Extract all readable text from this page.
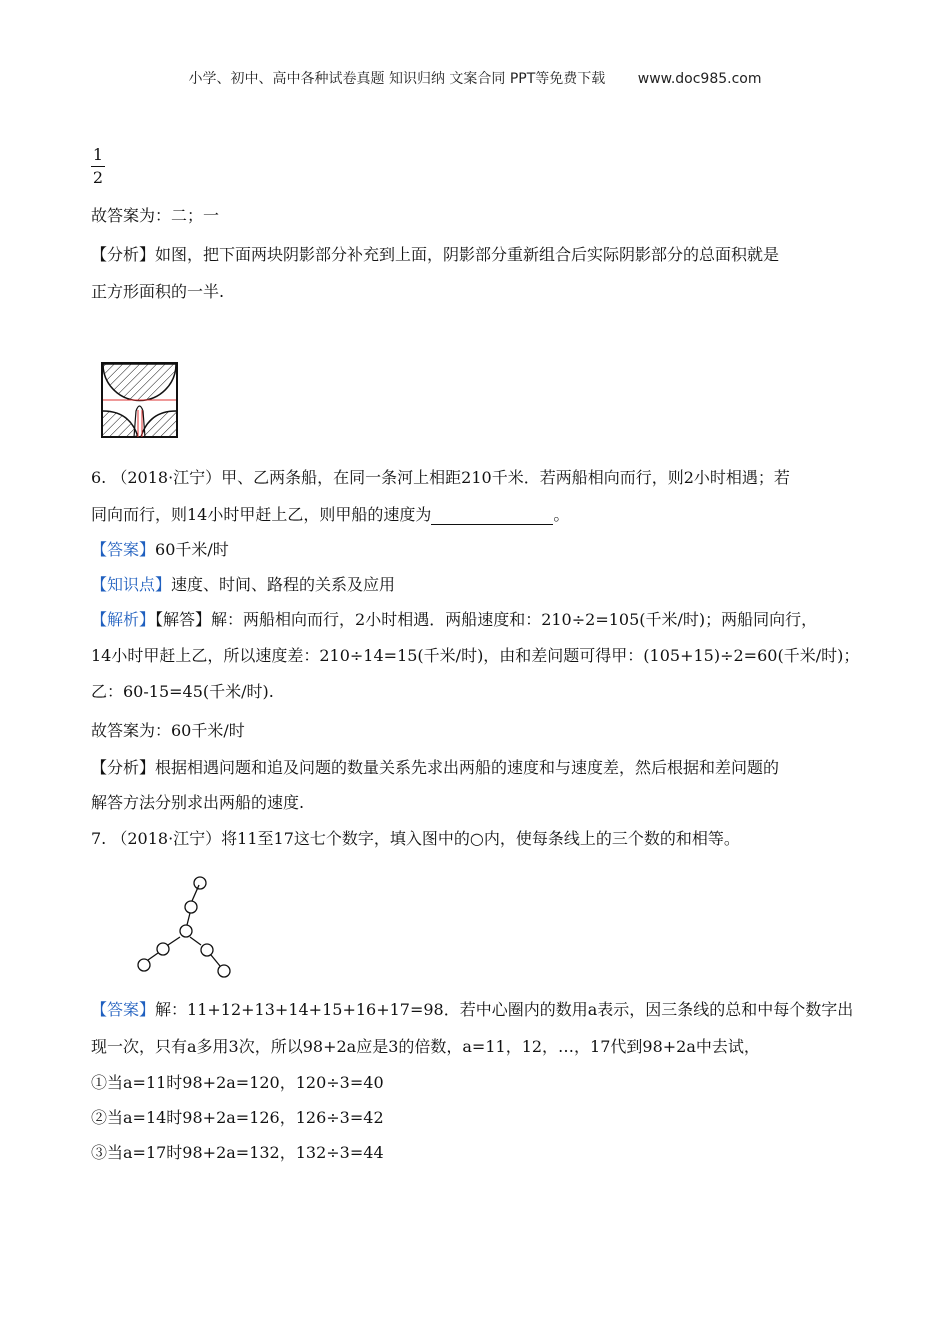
小学、初中、高中各种试卷真题 知识归纳 文案合同 PPT等免费下载 www.doc985.com
1
2
故答案为：二；一
【分析】如图，把下面两块阴影部分补充到上面，阴影部分重新组合后实际阴影部分的总面积就是
正方形面积的一半.
6. （2018·江宁）甲、乙两条船，在同一条河上相距210千米．若两船相向而行，则2小时相遇；若
同向而行，则14小时甲赶上乙，则甲船的速度为	。
【答案】60千米/时
【知识点】速度、时间、路程的关系及应用
【解析】【解答】解：两船相向而行，2小时相遇．两船速度和：210÷2=105(千米/时)；两船同向行，
14小时甲赶上乙，所以速度差：210÷14=15(千米/时)，由和差问题可得甲：(105+15)÷2=60(千米/时)；
乙：60-15=45(千米/时).
故答案为：60千米/时
【分析】根据相遇问题和追及问题的数量关系先求出两船的速度和与速度差，然后根据和差问题的
解答方法分别求出两船的速度.
7. （2018·江宁）将11至17这七个数字，填入图中的○内，使每条线上的三个数的和相等。
【答案】解：11+12+13+14+15+16+17=98．若中心圈内的数用a表示，因三条线的总和中每个数字出
现一次，只有a多用3次，所以98+2a应是3的倍数，a=11，12，…，17代到98+2a中去试，
①当a=11时98+2a=120，120÷3=40
②当a=14时98+2a=126，126÷3=42
③当a=17时98+2a=132，132÷3=44
